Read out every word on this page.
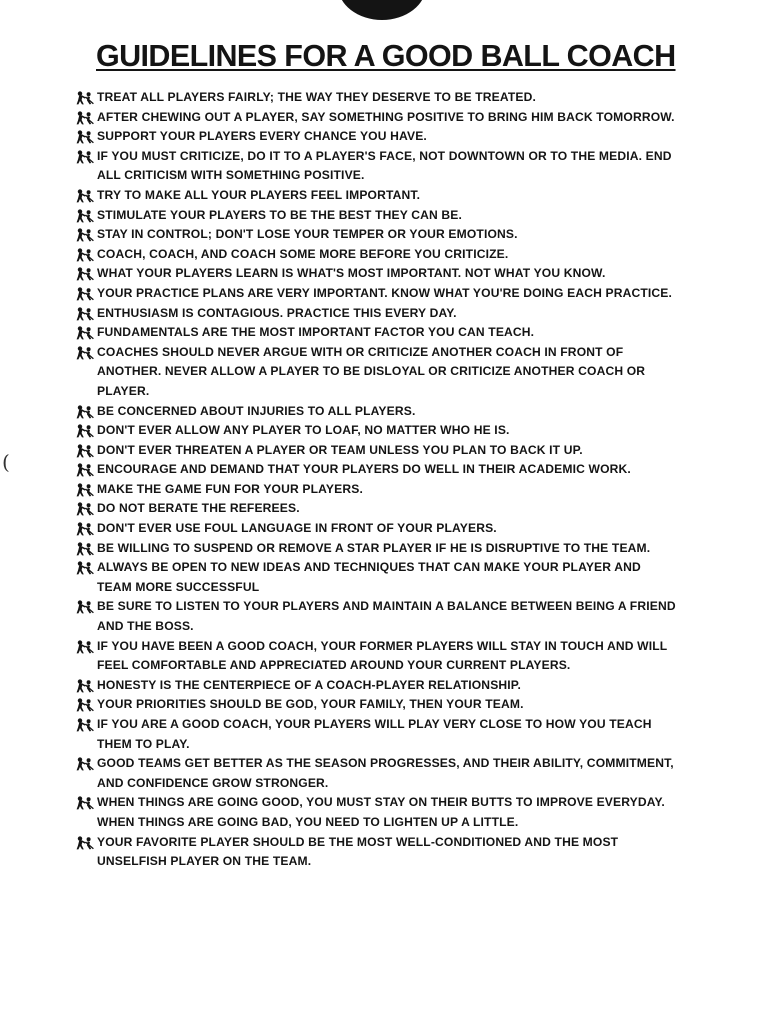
(
GUIDELINES FOR A GOOD BALL COACH
TREAT ALL PLAYERS FAIRLY; THE WAY THEY DESERVE TO BE TREATED.
AFTER CHEWING OUT A PLAYER, SAY SOMETHING POSITIVE TO BRING HIM BACK TOMORROW.
SUPPORT YOUR PLAYERS EVERY CHANCE YOU HAVE.
IF YOU MUST CRITICIZE, DO IT TO A PLAYER'S FACE, NOT DOWNTOWN OR TO THE MEDIA. END ALL CRITICISM WITH SOMETHING POSITIVE.
TRY TO MAKE ALL YOUR PLAYERS FEEL IMPORTANT.
STIMULATE YOUR PLAYERS TO BE THE BEST THEY CAN BE.
STAY IN CONTROL; DON'T LOSE YOUR TEMPER OR YOUR EMOTIONS.
COACH, COACH, AND COACH SOME MORE BEFORE YOU CRITICIZE.
WHAT YOUR PLAYERS LEARN IS WHAT'S MOST IMPORTANT. NOT WHAT YOU KNOW.
YOUR PRACTICE PLANS ARE VERY IMPORTANT. KNOW WHAT YOU'RE DOING EACH PRACTICE.
ENTHUSIASM IS CONTAGIOUS. PRACTICE THIS EVERY DAY.
FUNDAMENTALS ARE THE MOST IMPORTANT FACTOR YOU CAN TEACH.
COACHES SHOULD NEVER ARGUE WITH OR CRITICIZE ANOTHER COACH IN FRONT OF ANOTHER. NEVER ALLOW A PLAYER TO BE DISLOYAL OR CRITICIZE ANOTHER COACH OR PLAYER.
BE CONCERNED ABOUT INJURIES TO ALL PLAYERS.
DON'T EVER ALLOW ANY PLAYER TO LOAF, NO MATTER WHO HE IS.
DON'T EVER THREATEN A PLAYER OR TEAM UNLESS YOU PLAN TO BACK IT UP.
ENCOURAGE AND DEMAND THAT YOUR PLAYERS DO WELL IN THEIR ACADEMIC WORK.
MAKE THE GAME FUN FOR YOUR PLAYERS.
DO NOT BERATE THE REFEREES.
DON'T EVER USE FOUL LANGUAGE IN FRONT OF YOUR PLAYERS.
BE WILLING TO SUSPEND OR REMOVE A STAR PLAYER IF HE IS DISRUPTIVE TO THE TEAM.
ALWAYS BE OPEN TO NEW IDEAS AND TECHNIQUES THAT CAN MAKE YOUR PLAYER AND TEAM MORE SUCCESSFUL
BE SURE TO LISTEN TO YOUR PLAYERS AND MAINTAIN A BALANCE BETWEEN BEING A FRIEND AND THE BOSS.
IF YOU HAVE BEEN A GOOD COACH, YOUR FORMER PLAYERS WILL STAY IN TOUCH AND WILL FEEL COMFORTABLE AND APPRECIATED AROUND YOUR CURRENT PLAYERS.
HONESTY IS THE CENTERPIECE OF A COACH-PLAYER RELATIONSHIP.
YOUR PRIORITIES SHOULD BE GOD, YOUR FAMILY, THEN YOUR TEAM.
IF YOU ARE A GOOD COACH, YOUR PLAYERS WILL PLAY VERY CLOSE TO HOW YOU TEACH THEM TO PLAY.
GOOD TEAMS GET BETTER AS THE SEASON PROGRESSES, AND THEIR ABILITY, COMMITMENT, AND CONFIDENCE GROW STRONGER.
WHEN THINGS ARE GOING GOOD, YOU MUST STAY ON THEIR BUTTS TO IMPROVE EVERYDAY. WHEN THINGS ARE GOING BAD, YOU NEED TO LIGHTEN UP A LITTLE.
YOUR FAVORITE PLAYER SHOULD BE THE MOST WELL-CONDITIONED AND THE MOST UNSELFISH PLAYER ON THE TEAM.
